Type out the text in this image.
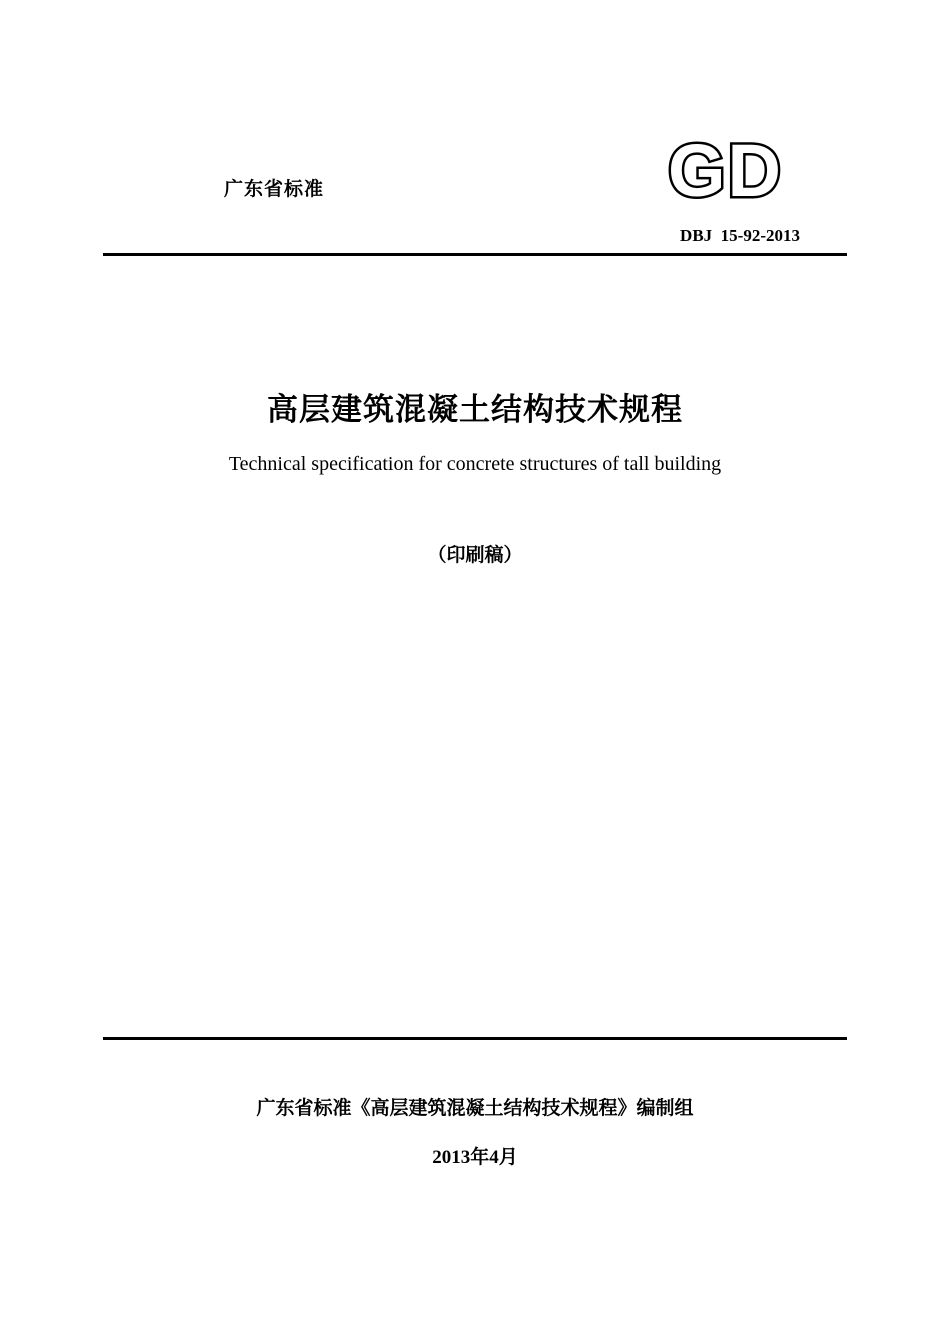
广东省标准	GD
DBJ  15-92-2013
高层建筑混凝土结构技术规程
Technical specification for concrete structures of tall building
（印刷稿）
广东省标准《高层建筑混凝土结构技术规程》编制组
2013年4月
